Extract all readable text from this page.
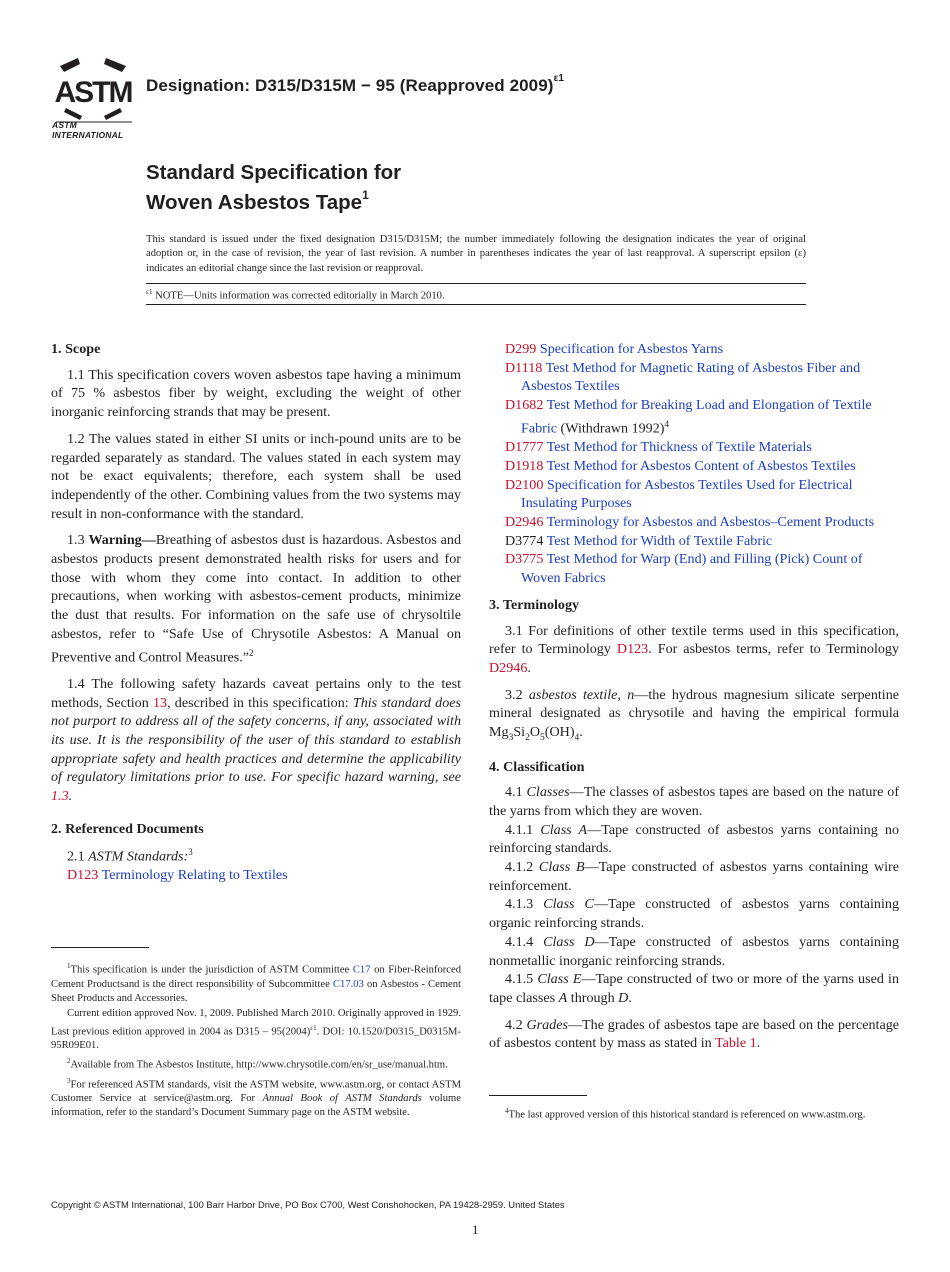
ASTM
ASTM INTERNATIONAL
Designation: D315/D315M − 95 (Reapproved 2009)$^{\varepsilon 1}$
Standard Specification for
Woven Asbestos Tape$^1$
This standard is issued under the fixed designation D315/D315M; the number immediately following the designation indicates the year of original adoption or, in the case of revision, the year of last revision. A number in parentheses indicates the year of last reapproval. A superscript epsilon (ε) indicates an editorial change since the last revision or reapproval.
$^{\varepsilon 1}$ NOTE—Units information was corrected editorially in March 2010.
1. Scope

1.1 This specification covers woven asbestos tape having a minimum of 75 % asbestos fiber by weight, excluding the weight of other inorganic reinforcing strands that may be present.

1.2 The values stated in either SI units or inch-pound units are to be regarded separately as standard. The values stated in each system may not be exact equivalents; therefore, each system shall be used independently of the other. Combining values from the two systems may result in non-conformance with the standard.

1.3 Warning—Breathing of asbestos dust is hazardous. Asbestos and asbestos products present demonstrated health risks for users and for those with whom they come into contact. In addition to other precautions, when working with asbestos-cement products, minimize the dust that results. For information on the safe use of chrysoltile asbestos, refer to “Safe Use of Chrysotile Asbestos: A Manual on Preventive and Control Measures.”$^2$

1.4 The following safety hazards caveat pertains only to the test methods, Section 13, described in this specification: This standard does not purport to address all of the safety concerns, if any, associated with its use. It is the responsibility of the user of this standard to establish appropriate safety and health practices and determine the applicability of regulatory limitations prior to use. For specific hazard warning, see 1.3.

2. Referenced Documents

2.1 ASTM Standards:$^3$

D123 Terminology Relating to Textiles

$^1$This specification is under the jurisdiction of ASTM Committee C17 on Fiber-Reinforced Cement Productsand is the direct responsibility of Subcommittee C17.03 on Asbestos - Cement Sheet Products and Accessories.

Current edition approved Nov. 1, 2009. Published March 2010. Originally approved in 1929. Last previous edition approved in 2004 as $D315 - 95(2004)^{\varepsilon 1}$. DOI: 10.1520/D0315_D0315M-95R09E01.

$^2$Available from The Asbestos Institute, http://www.chrysotile.com/en/sr_use/manual.htm.

$^3$For referenced ASTM standards, visit the ASTM website, www.astm.org, or contact ASTM Customer Service at service@astm.org. For Annual Book of ASTM Standards volume information, refer to the standard’s Document Summary page on the ASTM website.

D299 Specification for Asbestos Yarns
D1118 Test Method for Magnetic Rating of Asbestos Fiber and Asbestos Textiles
D1682 Test Method for Breaking Load and Elongation of Textile Fabric (Withdrawn 1992)$^4$
D1777 Test Method for Thickness of Textile Materials
D1918 Test Method for Asbestos Content of Asbestos Textiles
D2100 Specification for Asbestos Textiles Used for Electrical Insulating Purposes
D2946 Terminology for Asbestos and Asbestos–Cement Products
D3774 Test Method for Width of Textile Fabric
D3775 Test Method for Warp (End) and Filling (Pick) Count of Woven Fabrics
3. Terminology

3.1 For definitions of other textile terms used in this specification, refer to Terminology D123. For asbestos terms, refer to Terminology D2946.

3.2 asbestos textile, n—the hydrous magnesium silicate serpentine mineral designated as chrysotile and having the empirical formula $Mg_3Si_2O_5(OH)_4$.

4. Classification

4.1 Classes—The classes of asbestos tapes are based on the nature of the yarns from which they are woven.

4.1.1 Class A—Tape constructed of asbestos yarns containing no reinforcing standards.

4.1.2 Class B—Tape constructed of asbestos yarns containing wire reinforcement.

4.1.3 Class C—Tape constructed of asbestos yarns containing organic reinforcing strands.

4.1.4 Class D—Tape constructed of asbestos yarns containing nonmetallic inorganic reinforcing strands.

4.1.5 Class E—Tape constructed of two or more of the yarns used in tape classes A through D.

4.2 Grades—The grades of asbestos tape are based on the percentage of asbestos content by mass as stated in Table 1.

$^4$The last approved version of this historical standard is referenced on www.astm.org.

Copyright © ASTM International, 100 Barr Harbor Drive, PO Box C700, West Conshohocken, PA 19428-2959. United States
1
